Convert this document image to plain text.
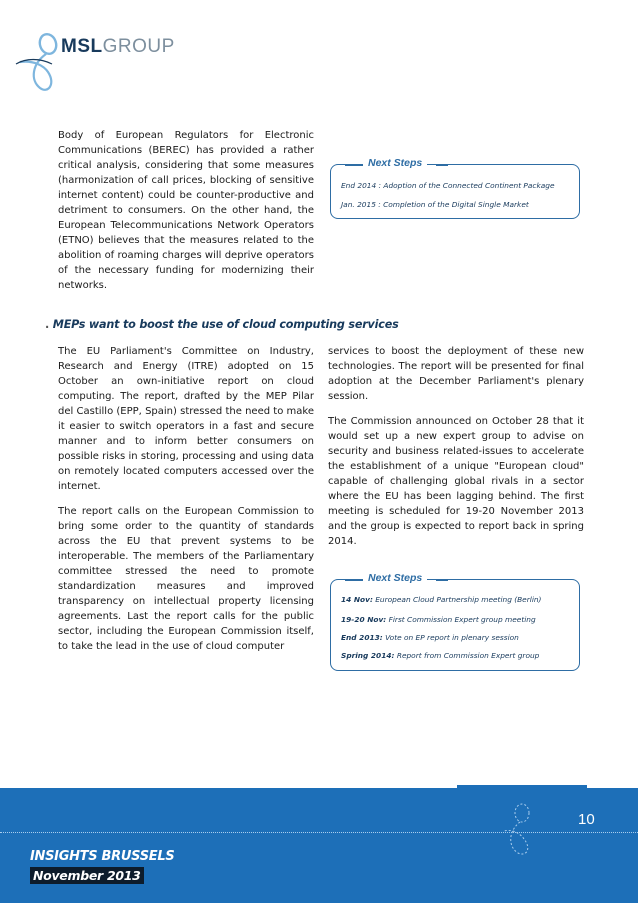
MSLGROUP

Body of European Regulators for Electronic Communications (BEREC) has provided a rather critical analysis, considering that some measures (harmonization of call prices, blocking of sensitive internet content) could be counter-productive and detriment to consumers. On the other hand, the European Telecommunications Network Operators (ETNO) believes that the measures related to the abolition of roaming charges will deprive operators of the necessary funding for modernizing their networks.

Next Steps
End 2014 : Adoption of the Connected Continent Package
Jan. 2015 : Completion of the Digital Single Market
. MEPs want to boost the use of cloud computing services

The EU Parliament's Committee on Industry, Research and Energy (ITRE) adopted on 15 October an own-initiative report on cloud computing. The report, drafted by the MEP Pilar del Castillo (EPP, Spain) stressed the need to make it easier to switch operators in a fast and secure manner and to inform better consumers on possible risks in storing, processing and using data on remotely located computers accessed over the internet.

The report calls on the European Commission to bring some order to the quantity of standards across the EU that prevent systems to be interoperable. The members of the Parliamentary committee stressed the need to promote standardization measures and improved transparency on intellectual property licensing agreements. Last the report calls for the public sector, including the European Commission itself, to take the lead in the use of cloud computer

services to boost the deployment of these new technologies. The report will be presented for final adoption at the December Parliament's plenary session.

The Commission announced on October 28 that it would set up a new expert group to advise on security and business related-issues to accelerate the establishment of a unique "European cloud" capable of challenging global rivals in a sector where the EU has been lagging behind. The first meeting is scheduled for 19-20 November 2013 and the group is expected to report back in spring 2014.

Next Steps
14 Nov: European Cloud Partnership meeting (Berlin)
19-20 Nov: First Commission Expert group meeting
End 2013: Vote on EP report in plenary session
Spring 2014: Report from Commission Expert group
10
INSIGHTS BRUSSELS
November 2013
